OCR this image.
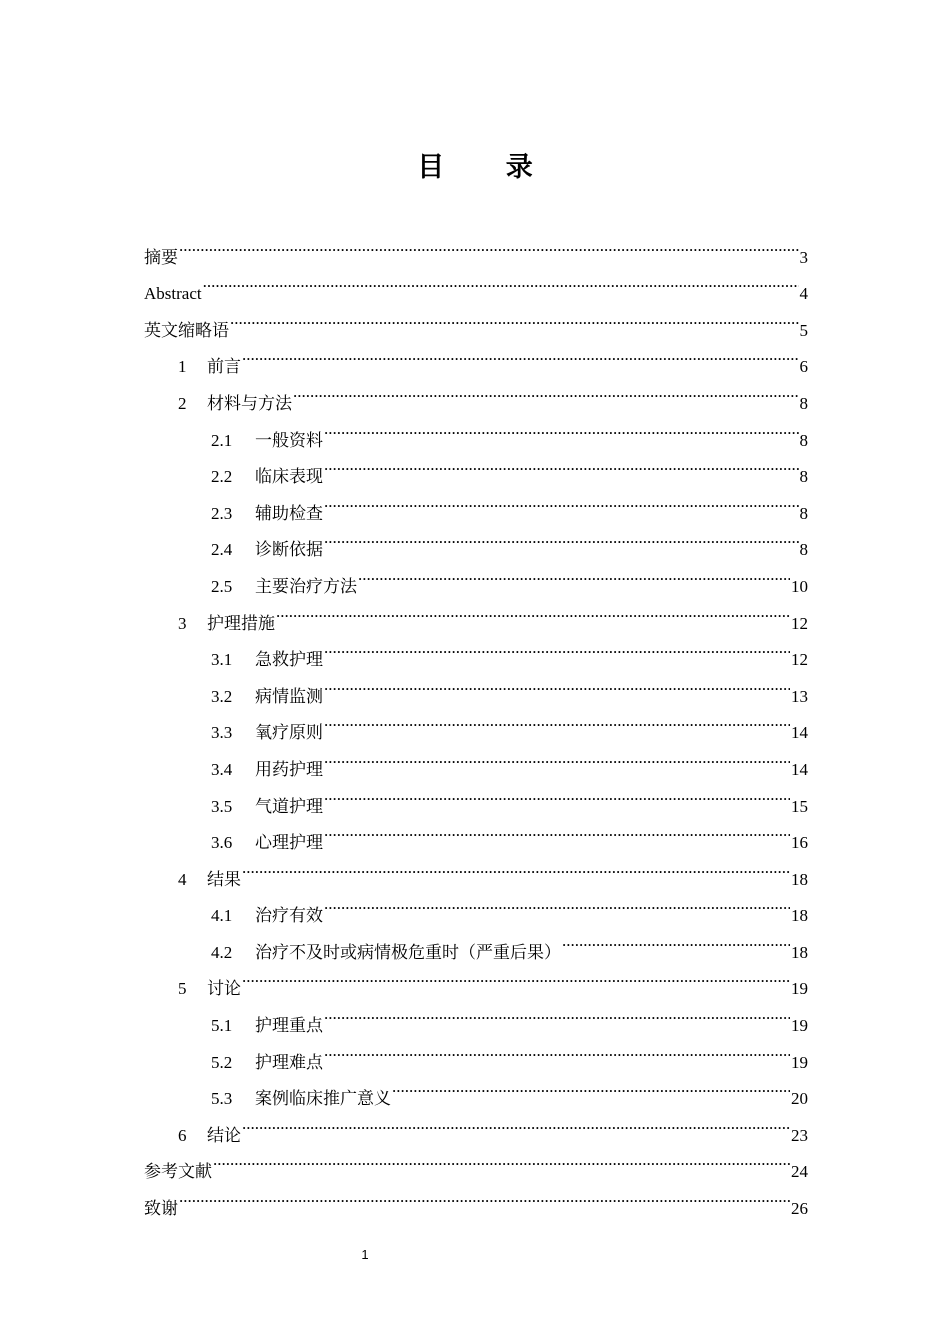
目 录
摘要 .....	3
Abstract .....	4
英文缩略语 .....	5
1	前言 .....	6
2	材料与方法 .....	8
2.1	一般资料 .....	8
2.2	临床表现 .....	8
2.3	辅助检查 .....	8
2.4	诊断依据 .....	8
2.5	主要治疗方法 .....	10
3	护理措施 .....	12
3.1	急救护理 .....	12
3.2	病情监测 .....	13
3.3	氧疗原则 .....	14
3.4	用药护理 .....	14
3.5	气道护理 .....	15
3.6	心理护理 .....	16
4	结果 .....	18
4.1	治疗有效 .....	18
4.2	治疗不及时或病情极危重时（严重后果） .....	18
5	讨论 .....	19
5.1	护理重点 .....	19
5.2	护理难点 .....	19
5.3	案例临床推广意义 .....	20
6	结论 .....	23
参考文献 .....	24
致谢 .....	26
1
